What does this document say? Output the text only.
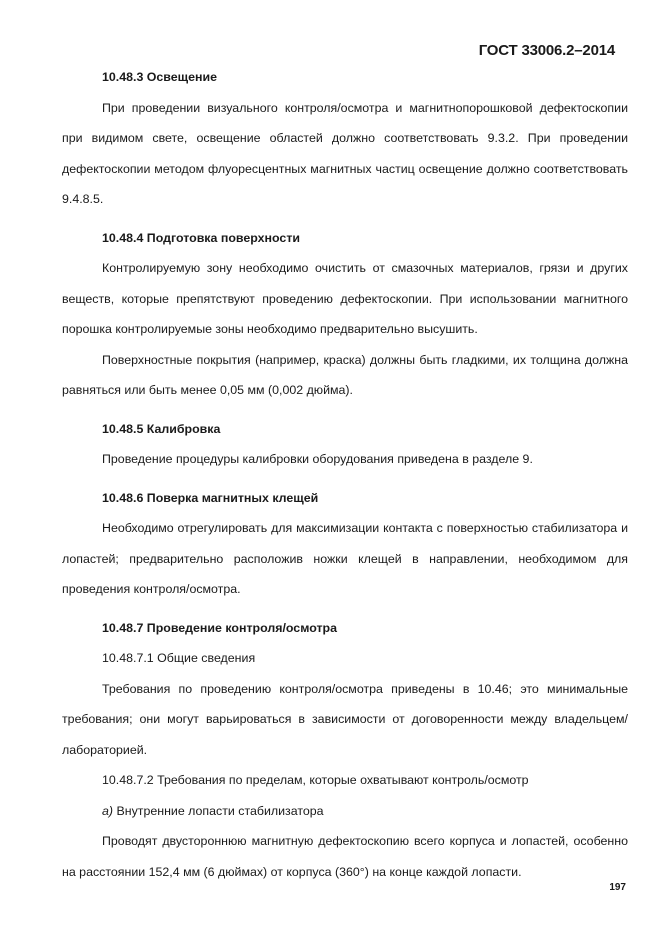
ГОСТ 33006.2–2014

10.48.3 Освещение

При проведении визуального контроля/осмотра и магнитнопорошковой дефектоскопии при видимом свете, освещение областей должно соответствовать 9.3.2. При проведении дефектоскопии методом флуоресцентных магнитных частиц освещение должно соответствовать 9.4.8.5.

10.48.4 Подготовка поверхности

Контролируемую зону необходимо очистить от смазочных материалов, грязи и других веществ, которые препятствуют проведению дефектоскопии. При использовании магнитного порошка контролируемые зоны необходимо предварительно высушить.

Поверхностные покрытия (например, краска) должны быть гладкими, их толщина должна равняться или быть менее 0,05 мм (0,002 дюйма).

10.48.5 Калибровка

Проведение процедуры калибровки оборудования приведена в разделе 9.

10.48.6 Поверка магнитных клещей

Необходимо отрегулировать для максимизации контакта с поверхностью стабилизатора и лопастей; предварительно расположив ножки клещей в направлении, необходимом для проведения контроля/осмотра.

10.48.7 Проведение контроля/осмотра

10.48.7.1 Общие сведения

Требования по проведению контроля/осмотра приведены в 10.46; это минимальные требования; они могут варьироваться в зависимости от договоренности между владельцем/лабораторией.

10.48.7.2 Требования по пределам, которые охватывают контроль/осмотр

а) Внутренние лопасти стабилизатора

Проводят двустороннюю магнитную дефектоскопию всего корпуса и лопастей, особенно на расстоянии 152,4 мм (6 дюймах) от корпуса (360°) на конце каждой лопасти.

197
